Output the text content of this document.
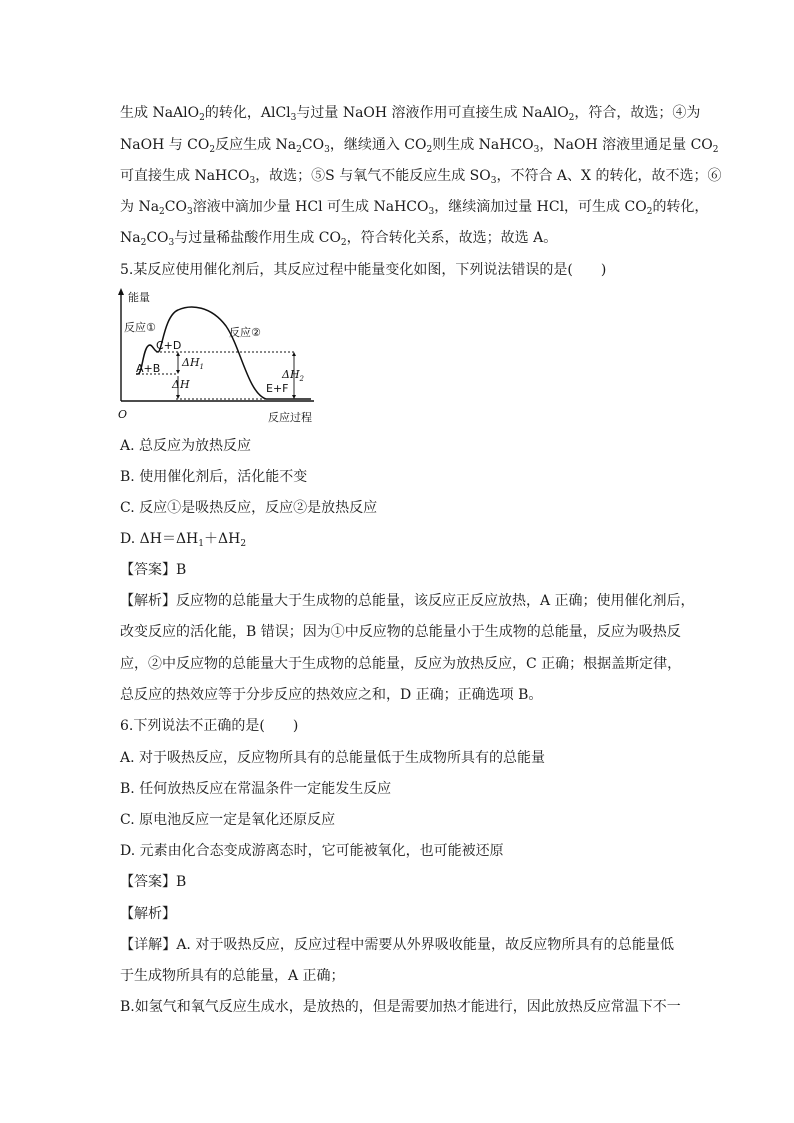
生成 NaAlO$_2$的转化，AlCl$_3$与过量 NaOH 溶液作用可直接生成 NaAlO$_2$，符合，故选；④为
NaOH 与 $CO_2$反应生成 $Na_2CO_3$，继续通入 $CO_2$则生成 NaHCO$_3$，NaOH 溶液里通足量 $CO_2$
可直接生成 NaHCO$_3$，故选；⑤S 与氧气不能反应生成 $SO_3$，不符合 A、X 的转化，故不选；⑥
为 $Na_2CO_3$溶液中滴加少量 HCl 可生成 NaHCO$_3$，继续滴加过量 HCl，可生成 $CO_2$的转化，
$Na_2CO_3$与过量稀盐酸作用生成 $CO_2$，符合转化关系，故选；故选 A。
5.某反应使用催化剂后，其反应过程中能量变化如图，下列说法错误的是(　　)
能量
反应过程
O
反应①	反应②
A+B
C+D
E+F
$\Delta H_1$
ΔH
$\Delta H_2$
A. 总反应为放热反应
B. 使用催化剂后，活化能不变
C. 反应①是吸热反应，反应②是放热反应
D. $\Delta H=\Delta H_1+\Delta H_2$
【答案】B
【解析】反应物的总能量大于生成物的总能量，该反应正反应放热，A 正确；使用催化剂后，
改变反应的活化能，B 错误；因为①中反应物的总能量小于生成物的总能量，反应为吸热反
应，②中反应物的总能量大于生成物的总能量，反应为放热反应，C 正确；根据盖斯定律，
总反应的热效应等于分步反应的热效应之和，D 正确；正确选项 B。
6.下列说法不正确的是(　　)
A. 对于吸热反应，反应物所具有的总能量低于生成物所具有的总能量
B. 任何放热反应在常温条件一定能发生反应
C. 原电池反应一定是氧化还原反应
D. 元素由化合态变成游离态时，它可能被氧化，也可能被还原
【答案】B
【解析】
【详解】A. 对于吸热反应，反应过程中需要从外界吸收能量，故反应物所具有的总能量低
于生成物所具有的总能量，A 正确；
B.如氢气和氧气反应生成水，是放热的，但是需要加热才能进行，因此放热反应常温下不一
